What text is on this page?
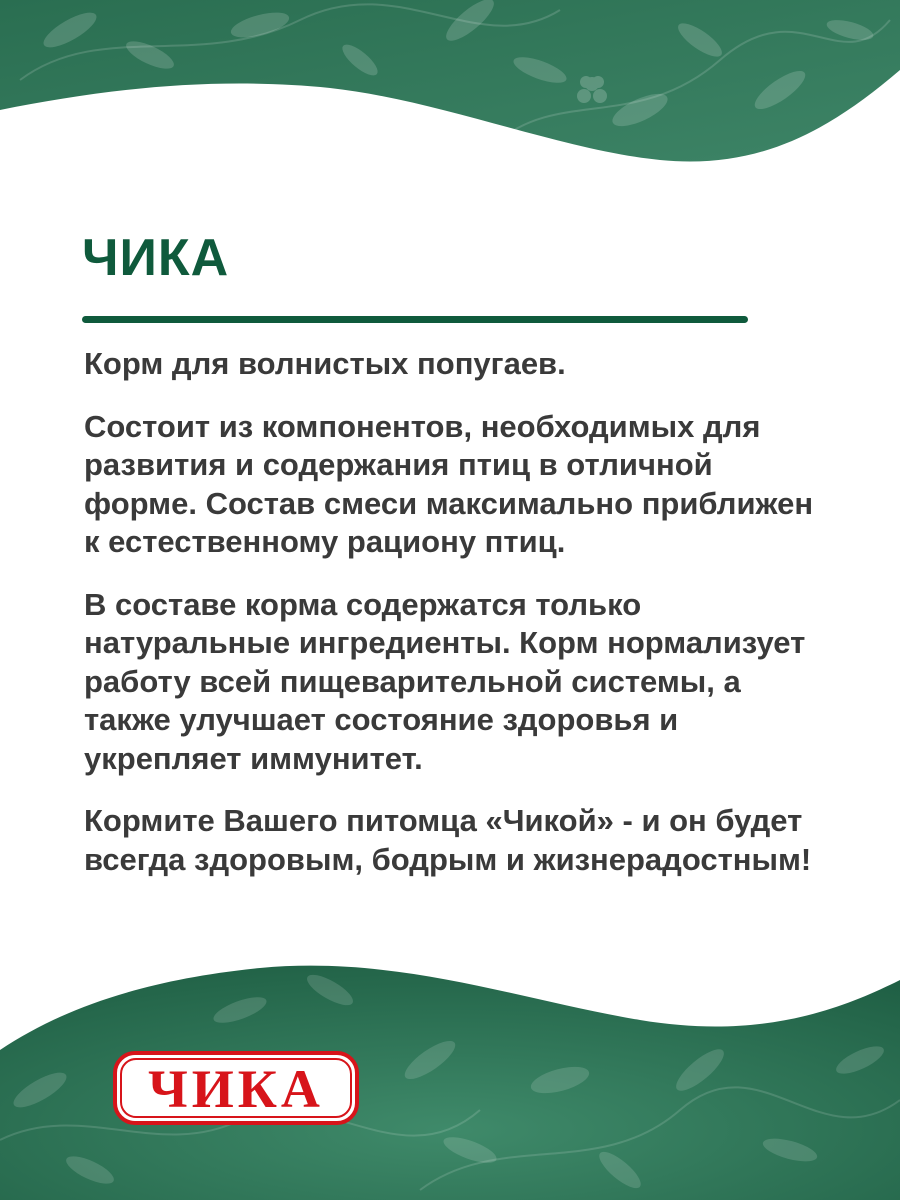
ЧИКА

Корм для волнистых попугаев.

Состоит из компонентов, необходимых для развития и содержания птиц в отличной форме. Состав смеси максимально приближен к естественному рациону птиц.

В составе корма содержатся только натуральные ингредиенты. Корм нормализует работу всей пищеварительной системы, а также улучшает состояние здоровья и укрепляет иммунитет.

Кормите Вашего питомца «Чикой» - и он будет всегда здоровым, бодрым и жизнерадостным!

ЧИКА
